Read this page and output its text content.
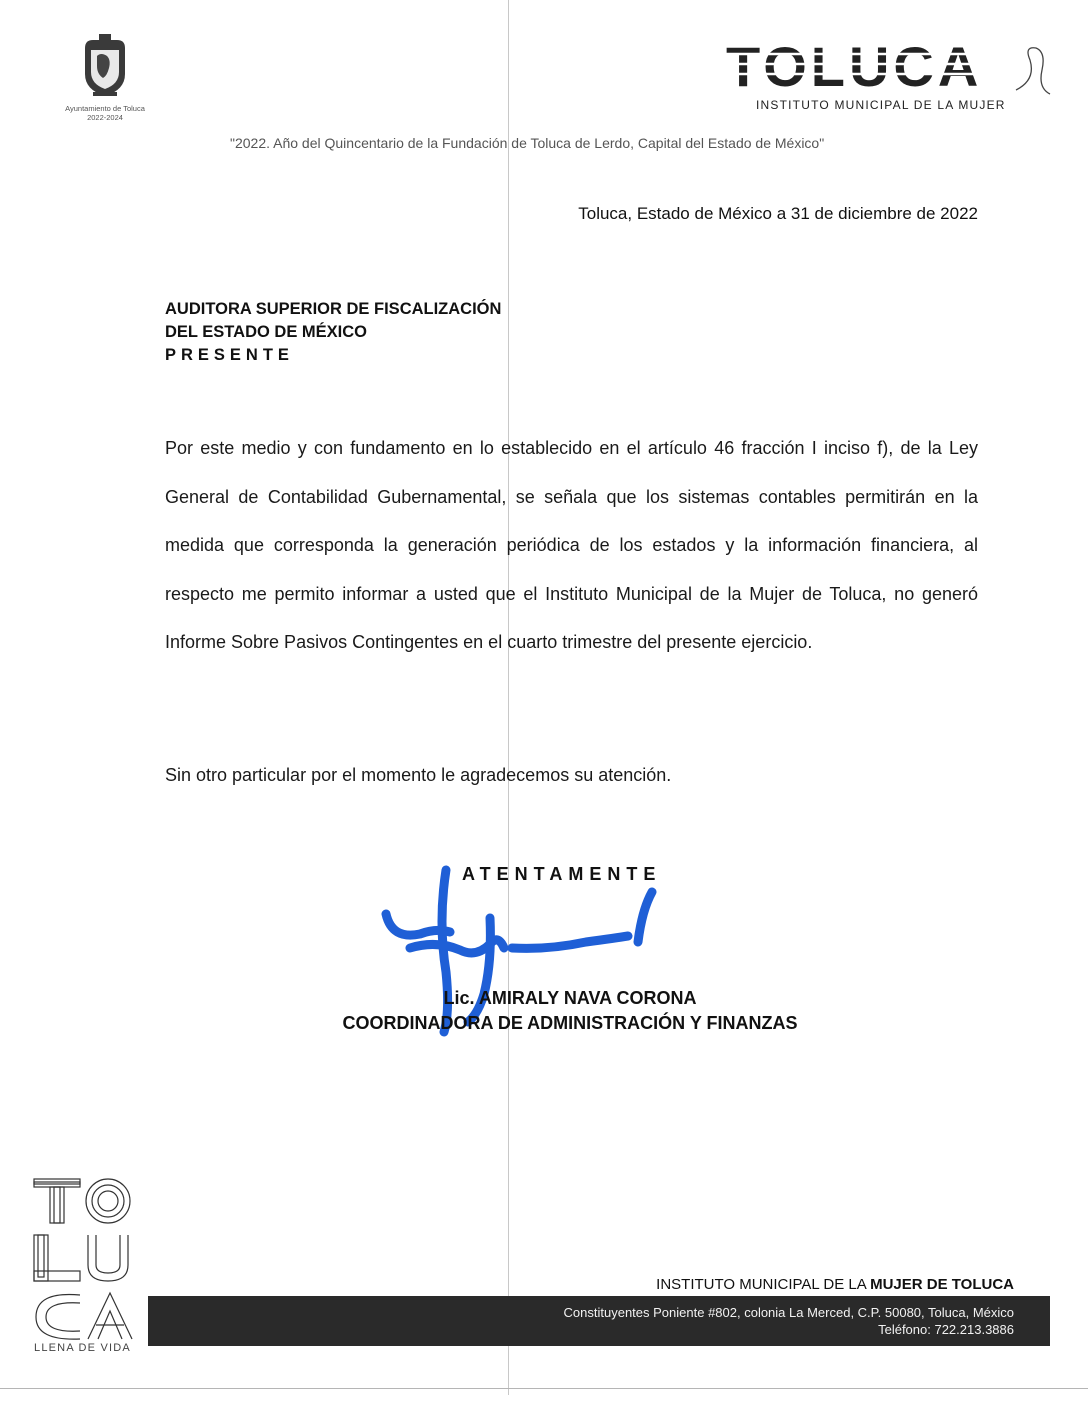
Ayuntamiento de Toluca
2022-2024
TOLUCA
INSTITUTO MUNICIPAL DE LA MUJER
"2022. Año del Quincentario de la Fundación de Toluca de Lerdo, Capital del Estado de México"
Toluca, Estado de México a 31 de diciembre de 2022
AUDITORA SUPERIOR DE FISCALIZACIÓN
DEL ESTADO DE MÉXICO
PRESENTE
Por este medio y con fundamento en lo establecido en el artículo 46 fracción I inciso f), de la Ley General de Contabilidad Gubernamental, se señala que los sistemas contables permitirán en la medida que corresponda la generación periódica de los estados y la información financiera, al respecto me permito informar a usted que el Instituto Municipal de la Mujer de Toluca, no generó Informe Sobre Pasivos Contingentes en el cuarto trimestre del presente ejercicio.
Sin otro particular por el momento le agradecemos su atención.
ATENTAMENTE
Lic. AMIRALY NAVA CORONA
COORDINADORA DE ADMINISTRACIÓN Y FINANZAS
LLENA DE VIDA
INSTITUTO MUNICIPAL DE LA MUJER DE TOLUCA
Constituyentes Poniente #802, colonia La Merced, C.P. 50080, Toluca, México
Teléfono: 722.213.3886
